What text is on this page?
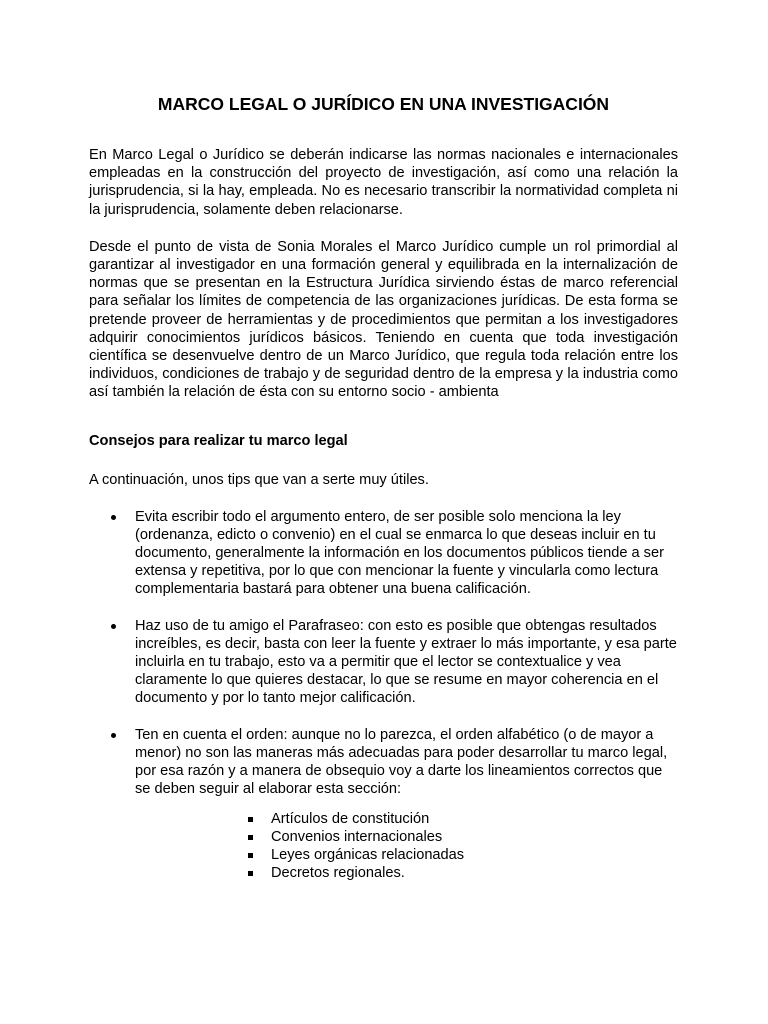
MARCO LEGAL O JURÍDICO EN UNA INVESTIGACIÓN

En Marco Legal o Jurídico se deberán indicarse las normas nacionales e internacionales empleadas en la construcción del proyecto de investigación, así como una relación la jurisprudencia, si la hay, empleada. No es necesario transcribir la normatividad completa ni la jurisprudencia, solamente deben relacionarse.

Desde el punto de vista de Sonia Morales el Marco Jurídico cumple un rol primordial al garantizar al investigador en una formación general y equilibrada en la internalización de normas que se presentan en la Estructura Jurídica sirviendo éstas de marco referencial para señalar los límites de competencia de las organizaciones jurídicas. De esta forma se pretende proveer de herramientas y de procedimientos que permitan a los investigadores adquirir conocimientos jurídicos básicos. Teniendo en cuenta que toda investigación científica se desenvuelve dentro de un Marco Jurídico, que regula toda relación entre los individuos, condiciones de trabajo y de seguridad dentro de la empresa y la industria como así también la relación de ésta con su entorno socio - ambienta

Consejos para realizar tu marco legal

A continuación, unos tips que van a serte muy útiles.

Evita escribir todo el argumento entero, de ser posible solo menciona la ley (ordenanza, edicto o convenio) en el cual se enmarca lo que deseas incluir en tu documento, generalmente la información en los documentos públicos tiende a ser extensa y repetitiva, por lo que con mencionar la fuente y vincularla como lectura complementaria bastará para obtener una buena calificación.
Haz uso de tu amigo el Parafraseo: con esto es posible que obtengas resultados increíbles, es decir, basta con leer la fuente y extraer lo más importante, y esa parte incluirla en tu trabajo, esto va a permitir que el lector se contextualice y vea claramente lo que quieres destacar, lo que se resume en mayor coherencia en el documento y por lo tanto mejor calificación.
Ten en cuenta el orden: aunque no lo parezca, el orden alfabético (o de mayor a menor) no son las maneras más adecuadas para poder desarrollar tu marco legal, por esa razón y a manera de obsequio voy a darte los lineamientos correctos que se deben seguir al elaborar esta sección:
Artículos de constitución
Convenios internacionales
Leyes orgánicas relacionadas
Decretos regionales.
